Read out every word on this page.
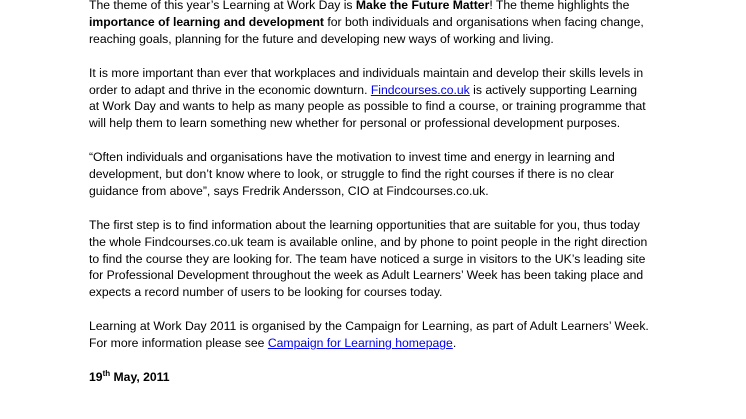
The theme of this year’s Learning at Work Day is Make the Future Matter! The theme highlights the importance of learning and development for both individuals and organisations when facing change, reaching goals, planning for the future and developing new ways of working and living.

It is more important than ever that workplaces and individuals maintain and develop their skills levels in order to adapt and thrive in the economic downturn. Findcourses.co.uk is actively supporting Learning at Work Day and wants to help as many people as possible to find a course, or training programme that will help them to learn something new whether for personal or professional development purposes.

“Often individuals and organisations have the motivation to invest time and energy in learning and development, but don’t know where to look, or struggle to find the right courses if there is no clear guidance from above”, says Fredrik Andersson, CIO at Findcourses.co.uk.

The first step is to find information about the learning opportunities that are suitable for you, thus today the whole Findcourses.co.uk team is available online, and by phone to point people in the right direction to find the course they are looking for. The team have noticed a surge in visitors to the UK’s leading site for Professional Development throughout the week as Adult Learners’ Week has been taking place and expects a record number of users to be looking for courses today.

Learning at Work Day 2011 is organised by the Campaign for Learning, as part of Adult Learners’ Week. For more information please see Campaign for Learning homepage.

19th May, 2011
